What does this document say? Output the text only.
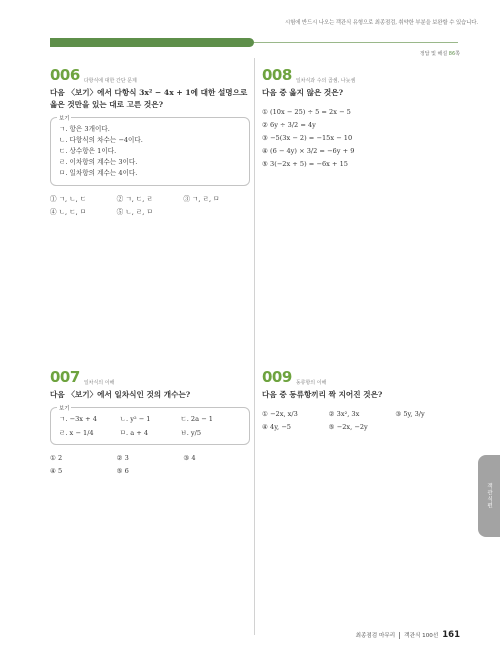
시험에 반드시 나오는 객관식 유형으로 최종점검, 취약한 부분을 보완할 수 있습니다.
정답 및 해설 86쪽
006 다항식에 대한 간단 문제
다음 〈보기〉에서 다항식 3x² − 4x + 1에 대한 설명으로 옳은 것만을 있는 대로 고른 것은?
보기
ㄱ. 항은 3개이다.
ㄴ. 다항식의 차수는 −4이다.
ㄷ. 상수항은 1이다.
ㄹ. 이차항의 계수는 3이다.
ㅁ. 일차항의 계수는 4이다.
① ㄱ, ㄴ, ㄷ	② ㄱ, ㄷ, ㄹ	③ ㄱ, ㄹ, ㅁ
④ ㄴ, ㄷ, ㅁ	⑤ ㄴ, ㄹ, ㅁ
007 일차식의 이해
다음 〈보기〉에서 일차식인 것의 개수는?
보기
ㄱ. −3x + 4	ㄴ. y² − 1	ㄷ. 2a − 1
ㄹ. x − 1/4	ㅁ. a + 4	ㅂ. y/5
① 2	② 3	③ 4
④ 5	⑤ 6
008 일차식과 수의 곱셈, 나눗셈
다음 중 옳지 않은 것은?
① (10x − 25) ÷ 5 = 2x − 5
② 6y ÷ 3/2 = 4y
③ −5(3x − 2) = −15x − 10
④ (6 − 4y) × 3/2 = −6y + 9
⑤ 3(−2x + 5) = −6x + 15
009 동류항의 이해
다음 중 동류항끼리 짝 지어진 것은?
① −2x, x/3	② 3x², 3x	③ 5y, 3/y
④ 4y, −5	⑤ −2x, −2y
객관식편
최종점검 마무리 객관식 100선 161
